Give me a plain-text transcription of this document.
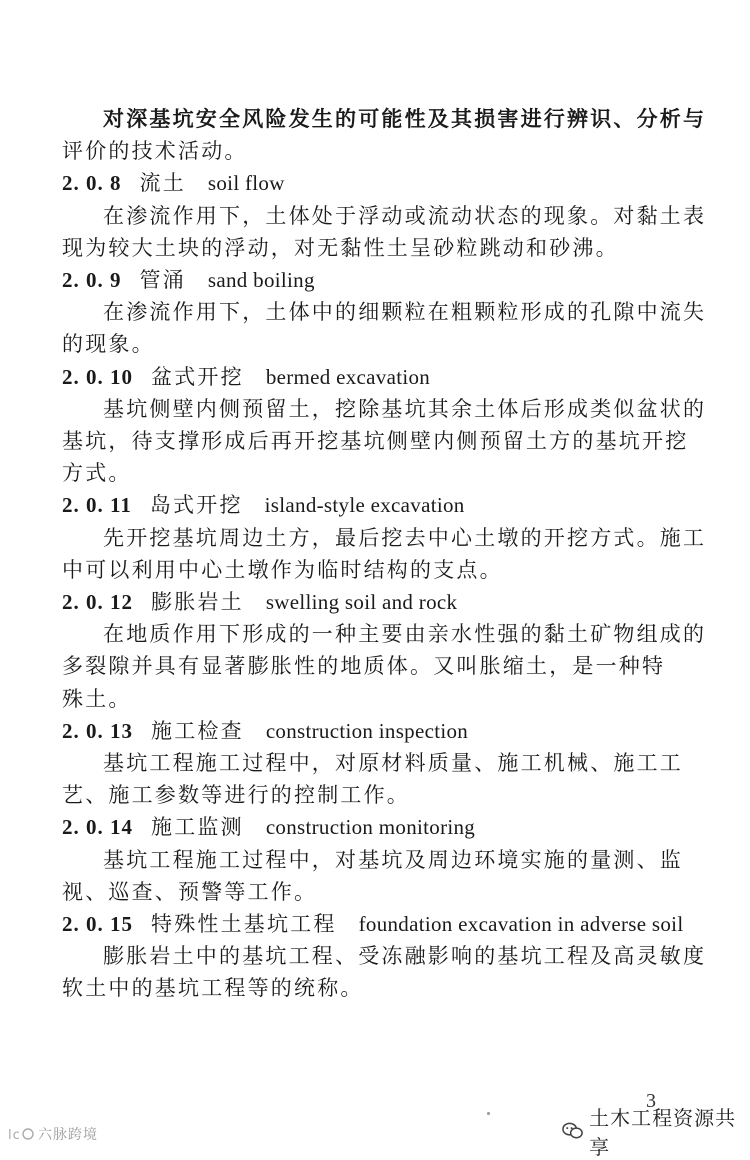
对深基坑安全风险发生的可能性及其损害进行辨识、分析与
评价的技术活动。
2. 0. 8 流土 soil flow
在渗流作用下，土体处于浮动或流动状态的现象。对黏土表
现为较大土块的浮动，对无黏性土呈砂粒跳动和砂沸。
2. 0. 9 管涌 sand boiling
在渗流作用下，土体中的细颗粒在粗颗粒形成的孔隙中流失
的现象。
2. 0. 10 盆式开挖 bermed excavation
基坑侧壁内侧预留土，挖除基坑其余土体后形成类似盆状的
基坑，待支撑形成后再开挖基坑侧壁内侧预留土方的基坑开挖
方式。
2. 0. 11 岛式开挖 island-style excavation
先开挖基坑周边土方，最后挖去中心土墩的开挖方式。施工
中可以利用中心土墩作为临时结构的支点。
2. 0. 12 膨胀岩土 swelling soil and rock
在地质作用下形成的一种主要由亲水性强的黏土矿物组成的
多裂隙并具有显著膨胀性的地质体。又叫胀缩土，是一种特
殊土。
2. 0. 13 施工检查 construction inspection
基坑工程施工过程中，对原材料质量、施工机械、施工工
艺、施工参数等进行的控制工作。
2. 0. 14 施工监测 construction monitoring
基坑工程施工过程中，对基坑及周边环境实施的量测、监
视、巡查、预警等工作。
2. 0. 15 特殊性土基坑工程 foundation excavation in adverse soil
膨胀岩土中的基坑工程、受冻融影响的基坑工程及高灵敏度
软土中的基坑工程等的统称。
3
土木工程资源共享
lc 六脉跨境
